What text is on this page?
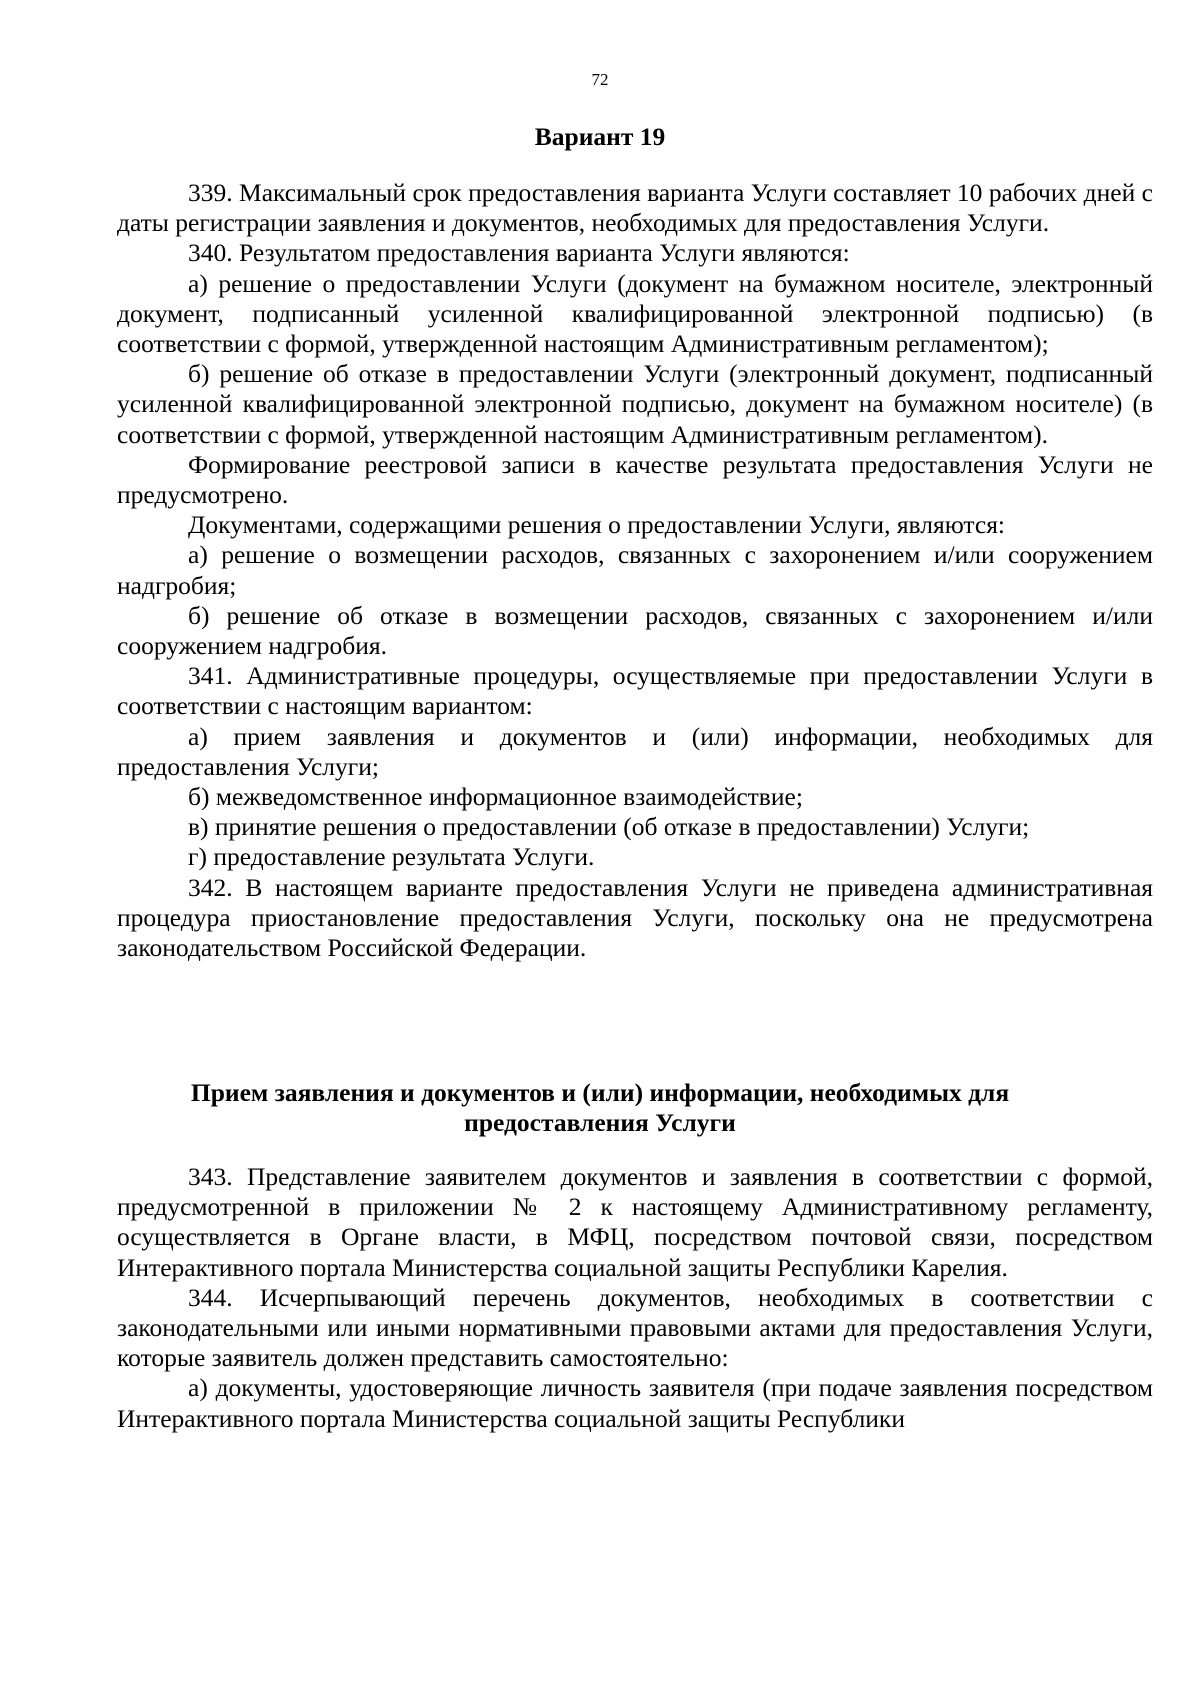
72
Вариант 19

339. Максимальный срок предоставления варианта Услуги составляет 10 рабочих дней с даты регистрации заявления и документов, необходимых для предоставления Услуги.

340. Результатом предоставления варианта Услуги являются:

а) решение о предоставлении Услуги (документ на бумажном носителе, электронный документ, подписанный усиленной квалифицированной электронной подписью) (в соответствии с формой, утвержденной настоящим Административным регламентом);

б) решение об отказе в предоставлении Услуги (электронный документ, подписанный усиленной квалифицированной электронной подписью, документ на бумажном носителе) (в соответствии с формой, утвержденной настоящим Административным регламентом).

Формирование реестровой записи в качестве результата предоставления Услуги не предусмотрено.

Документами, содержащими решения о предоставлении Услуги, являются:

а) решение о возмещении расходов, связанных с захоронением и/или сооружением надгробия;

б) решение об отказе в возмещении расходов, связанных с захоронением и/или сооружением надгробия.

341. Административные процедуры, осуществляемые при предоставлении Услуги в соответствии с настоящим вариантом:

а) прием заявления и документов и (или) информации, необходимых для предоставления Услуги;

б) межведомственное информационное взаимодействие;

в) принятие решения о предоставлении (об отказе в предоставлении) Услуги;

г) предоставление результата Услуги.

342. В настоящем варианте предоставления Услуги не приведена административная процедура приостановление предоставления Услуги, поскольку она не предусмотрена законодательством Российской Федерации.

Прием заявления и документов и (или) информации, необходимых для предоставления Услуги

343. Представление заявителем документов и заявления в соответствии с формой, предусмотренной в приложении № 2 к настоящему Административному регламенту, осуществляется в Органе власти, в МФЦ, посредством почтовой связи, посредством Интерактивного портала Министерства социальной защиты Республики Карелия.

344. Исчерпывающий перечень документов, необходимых в соответствии с законодательными или иными нормативными правовыми актами для предоставления Услуги, которые заявитель должен представить самостоятельно:

а) документы, удостоверяющие личность заявителя (при подаче заявления посредством Интерактивного портала Министерства социальной защиты Республики
